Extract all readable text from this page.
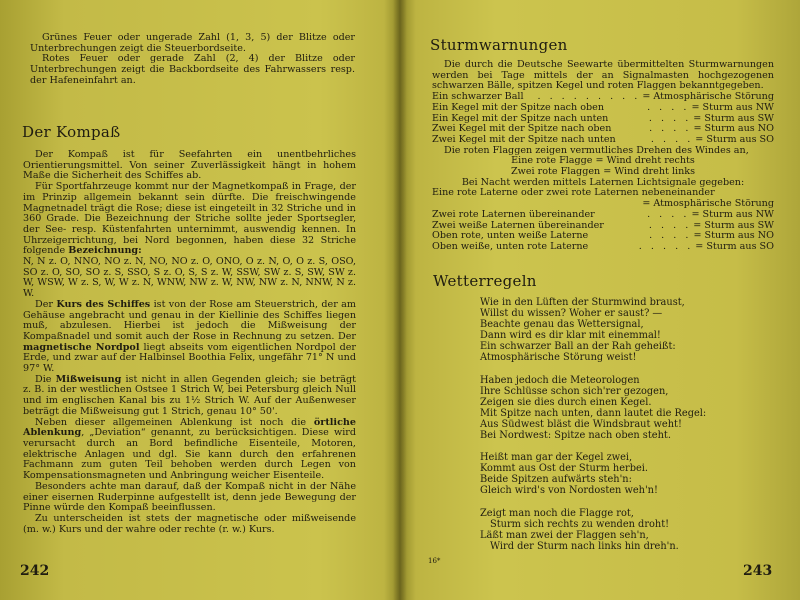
Grünes Feuer oder ungerade Zahl (1, 3, 5) der Blitze oder Unterbrechungen zeigt die Steuerbordseite.

Rotes Feuer oder gerade Zahl (2, 4) der Blitze oder Unterbrechungen zeigt die Backbordseite des Fahrwassers resp. der Hafeneinfahrt an.

Der Kompaß

Der Kompaß ist für Seefahrten ein unentbehrliches Orientierungsmittel. Von seiner Zuverlässigkeit hängt in hohem Maße die Sicherheit des Schiffes ab.

Für Sportfahrzeuge kommt nur der Magnetkompaß in Frage, der im Prinzip allgemein bekannt sein dürfte. Die freischwingende Magnetnadel trägt die Rose; diese ist eingeteilt in 32 Striche und in 360 Grade. Die Bezeichnung der Striche sollte jeder Sportsegler, der See- resp. Küstenfahrten unternimmt, auswendig kennen. In Uhrzeigerrichtung, bei Nord begonnen, haben diese 32 Striche folgende Bezeichnung:

N, N z. O, NNO, NO z. N, NO, NO z. O, ONO, O z. N, O, O z. S, OSO, SO z. O, SO, SO z. S, SSO, S z. O, S, S z. W, SSW, SW z. S, SW, SW z. W, WSW, W z. S, W, W z. N, WNW, NW z. W, NW, NW z. N, NNW, N z. W.

Der Kurs des Schiffes ist von der Rose am Steuerstrich, der am Gehäuse angebracht und genau in der Kiellinie des Schiffes liegen muß, abzulesen. Hierbei ist jedoch die Mißweisung der Kompaßnadel und somit auch der Rose in Rechnung zu setzen. Der magnetische Nordpol liegt abseits vom eigentlichen Nordpol der Erde, und zwar auf der Halbinsel Boothia Felix, ungefähr 71° N und 97° W.

Die Mißweisung ist nicht in allen Gegenden gleich; sie beträgt z. B. in der westlichen Ostsee 1 Strich W, bei Petersburg gleich Null und im englischen Kanal bis zu 1½ Strich W. Auf der Außenweser beträgt die Mißweisung gut 1 Strich, genau 10° 50'.

Neben dieser allgemeinen Ablenkung ist noch die örtliche Ablenkung, „Deviation“ genannt, zu berücksichtigen. Diese wird verursacht durch an Bord befindliche Eisenteile, Motoren, elektrische Anlagen und dgl. Sie kann durch den erfahrenen Fachmann zum guten Teil behoben werden durch Legen von Kompensationsmagneten und Anbringung weicher Eisenteile.

Besonders achte man darauf, daß der Kompaß nicht in der Nähe einer eisernen Ruderpinne aufgestellt ist, denn jede Bewegung der Pinne würde den Kompaß beeinflussen.

Zu unterscheiden ist stets der magnetische oder mißweisende (m. w.) Kurs und der wahre oder rechte (r. w.) Kurs.

242
Sturmwarnungen

Die durch die Deutsche Seewarte übermittelten Sturmwarnungen werden bei Tage mittels der an Signalmasten hochgezogenen schwarzen Bälle, spitzen Kegel und roten Flaggen bekanntgegeben.

Ein schwarzer Ball	. . . . . . . . . = Atmosphärische Störung
Ein Kegel mit der Spitze nach oben	. . . . = Sturm aus NW
Ein Kegel mit der Spitze nach unten	. . . . = Sturm aus SW
Zwei Kegel mit der Spitze nach oben	. . . . = Sturm aus NO
Zwei Kegel mit der Spitze nach unten	. . . . = Sturm aus SO

Die roten Flaggen zeigen vermutliches Drehen des Windes an,

Eine rote Flagge = Wind dreht rechts
Zwei rote Flaggen = Wind dreht links

Bei Nacht werden mittels Laternen Lichtsignale gegeben:

Eine rote Laterne oder zwei rote Laternen nebeneinander

= Atmosphärische Störung

Zwei rote Laternen übereinander	. . . . = Sturm aus NW
Zwei weiße Laternen übereinander	. . . . = Sturm aus SW
Oben rote, unten weiße Laterne	. . . . = Sturm aus NO
Oben weiße, unten rote Laterne	. . . . . = Sturm aus SO
Wetterregeln
Wie in den Lüften der Sturmwind braust,
Willst du wissen? Woher er saust? —
Beachte genau das Wettersignal,
Dann wird es dir klar mit einemmal!
Ein schwarzer Ball an der Rah geheißt:
Atmosphärische Störung weist!
Haben jedoch die Meteorologen
Ihre Schlüsse schon sich'rer gezogen,
Zeigen sie dies durch einen Kegel.
Mit Spitze nach unten, dann lautet die Regel:
Aus Südwest bläst die Windsbraut weht!
Bei Nordwest: Spitze nach oben steht.
Heißt man gar der Kegel zwei,
Kommt aus Ost der Sturm herbei.
Beide Spitzen aufwärts steh'n:
Gleich wird's von Nordosten weh'n!
Zeigt man noch die Flagge rot,
Sturm sich rechts zu wenden droht!
Läßt man zwei der Flaggen seh'n,
Wird der Sturm nach links hin dreh'n.
16*
243
